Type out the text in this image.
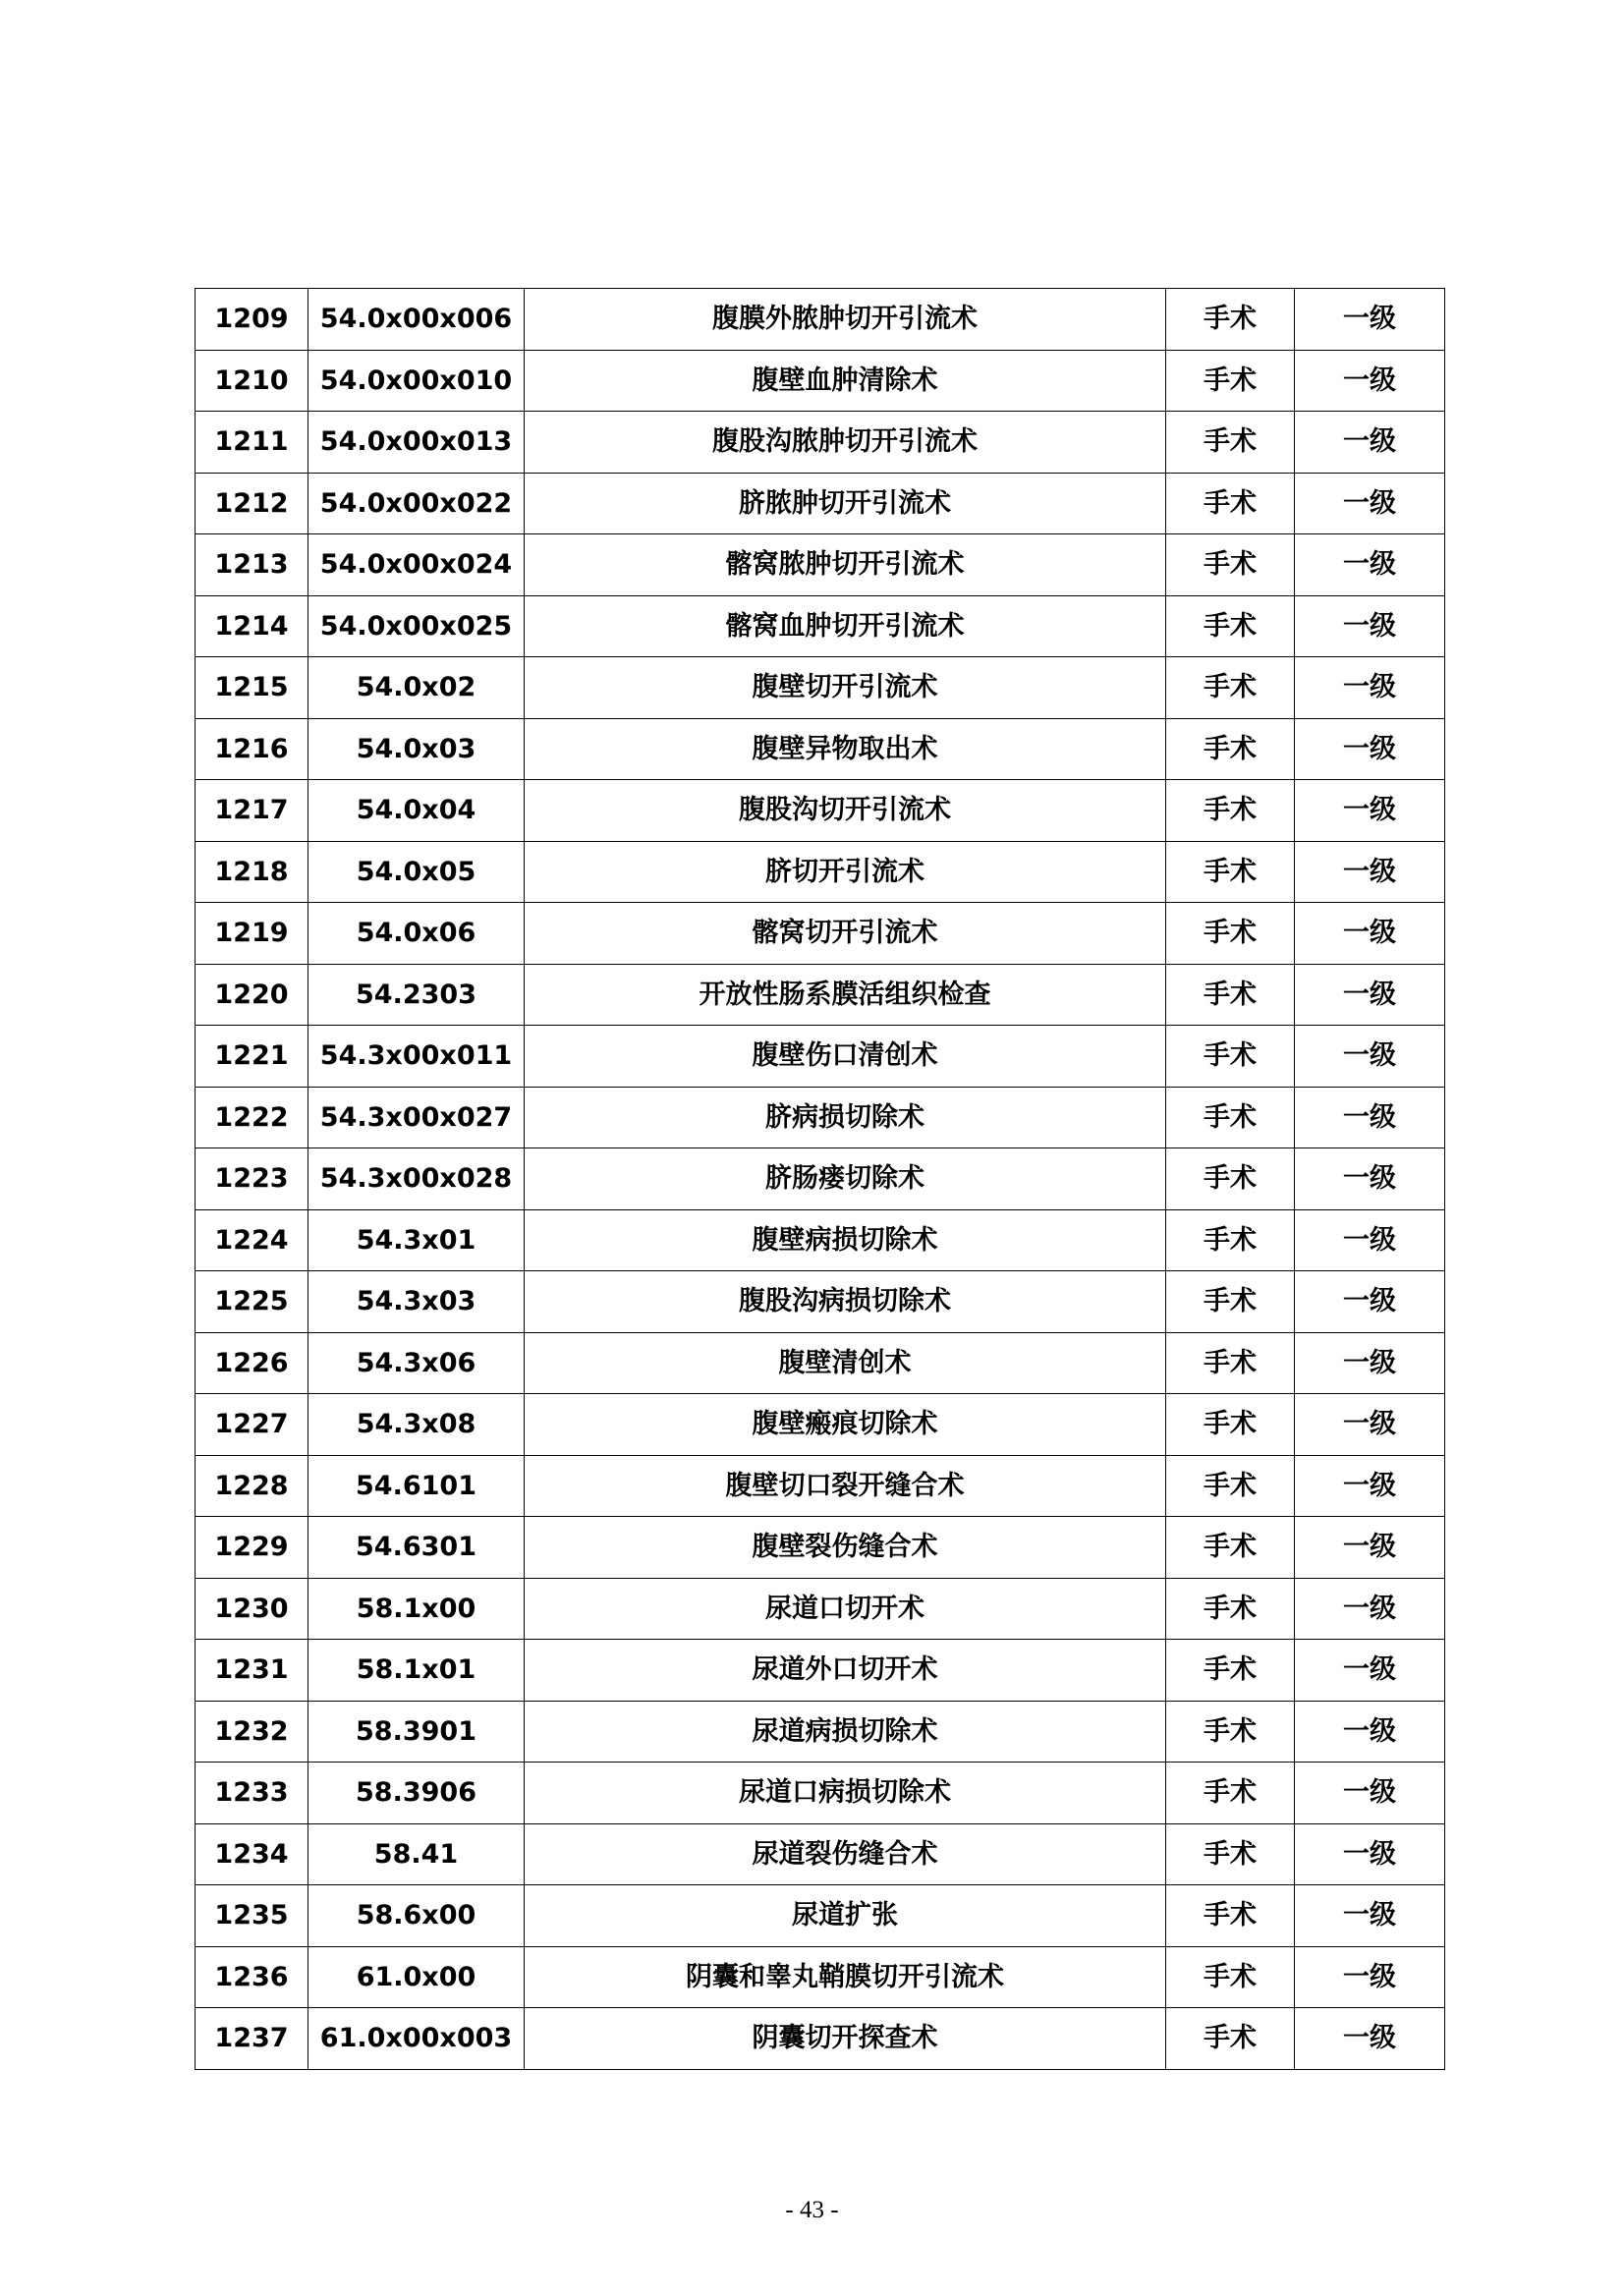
1209	54.0x00x006	腹膜外脓肿切开引流术	手术	一级
1210	54.0x00x010	腹壁血肿清除术	手术	一级
1211	54.0x00x013	腹股沟脓肿切开引流术	手术	一级
1212	54.0x00x022	脐脓肿切开引流术	手术	一级
1213	54.0x00x024	髂窝脓肿切开引流术	手术	一级
1214	54.0x00x025	髂窝血肿切开引流术	手术	一级
1215	54.0x02	腹壁切开引流术	手术	一级
1216	54.0x03	腹壁异物取出术	手术	一级
1217	54.0x04	腹股沟切开引流术	手术	一级
1218	54.0x05	脐切开引流术	手术	一级
1219	54.0x06	髂窝切开引流术	手术	一级
1220	54.2303	开放性肠系膜活组织检查	手术	一级
1221	54.3x00x011	腹壁伤口清创术	手术	一级
1222	54.3x00x027	脐病损切除术	手术	一级
1223	54.3x00x028	脐肠瘘切除术	手术	一级
1224	54.3x01	腹壁病损切除术	手术	一级
1225	54.3x03	腹股沟病损切除术	手术	一级
1226	54.3x06	腹壁清创术	手术	一级
1227	54.3x08	腹壁瘢痕切除术	手术	一级
1228	54.6101	腹壁切口裂开缝合术	手术	一级
1229	54.6301	腹壁裂伤缝合术	手术	一级
1230	58.1x00	尿道口切开术	手术	一级
1231	58.1x01	尿道外口切开术	手术	一级
1232	58.3901	尿道病损切除术	手术	一级
1233	58.3906	尿道口病损切除术	手术	一级
1234	58.41	尿道裂伤缝合术	手术	一级
1235	58.6x00	尿道扩张	手术	一级
1236	61.0x00	阴囊和睾丸鞘膜切开引流术	手术	一级
1237	61.0x00x003	阴囊切开探查术	手术	一级
- 43 -
